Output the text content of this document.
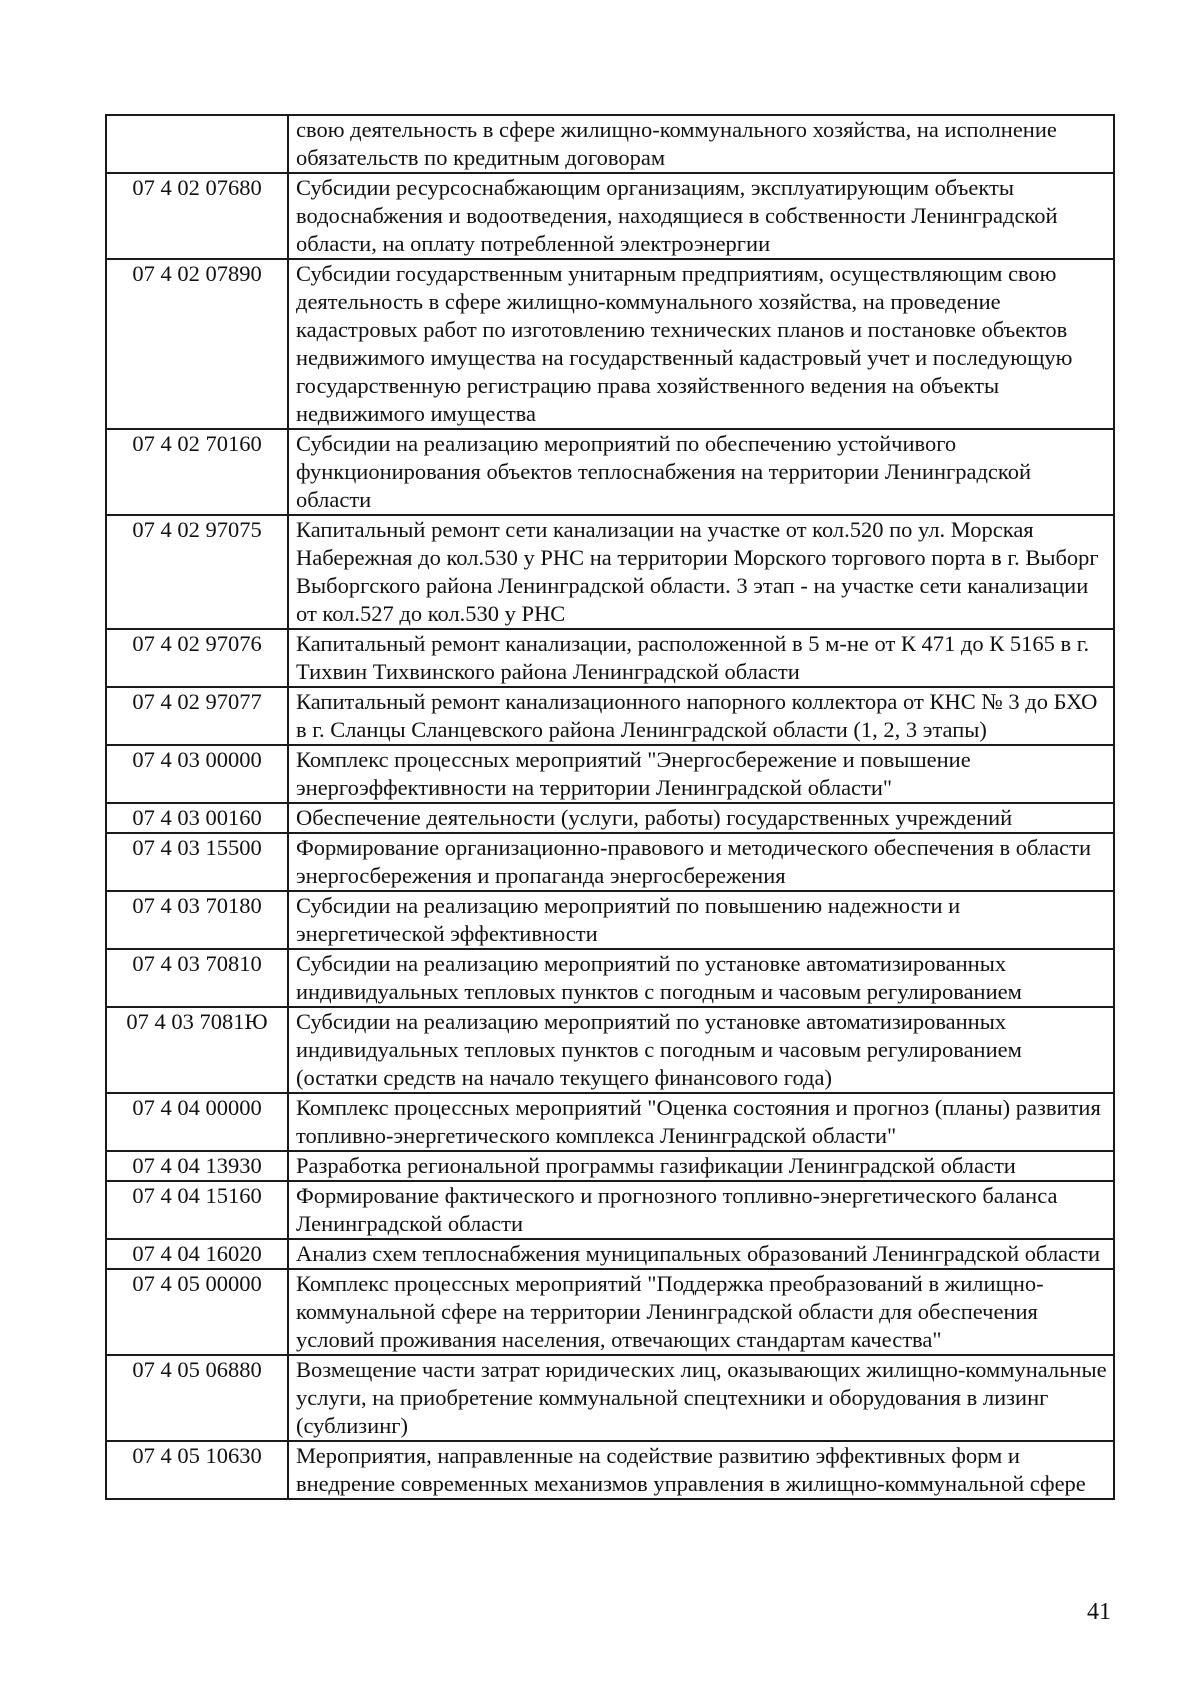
	свою деятельность в сфере жилищно-коммунального хозяйства, на исполнение обязательств по кредитным договорам
07 4 02 07680	Субсидии ресурсоснабжающим организациям, эксплуатирующим объекты водоснабжения и водоотведения, находящиеся в собственности Ленинградской области, на оплату потребленной электроэнергии
07 4 02 07890	Субсидии государственным унитарным предприятиям, осуществляющим свою деятельность в сфере жилищно-коммунального хозяйства, на проведение кадастровых работ по изготовлению технических планов и постановке объектов недвижимого имущества на государственный кадастровый учет и последующую государственную регистрацию права хозяйственного ведения на объекты недвижимого имущества
07 4 02 70160	Субсидии на реализацию мероприятий по обеспечению устойчивого функционирования объектов теплоснабжения на территории Ленинградской области
07 4 02 97075	Капитальный ремонт сети канализации на участке от кол.520 по ул. Морская Набережная до кол.530 у РНС на территории Морского торгового порта в г. Выборг Выборгского района Ленинградской области. 3 этап - на участке сети канализации от кол.527 до кол.530 у РНС
07 4 02 97076	Капитальный ремонт канализации, расположенной в 5 м-не от К 471 до К 5165 в г. Тихвин Тихвинского района Ленинградской области
07 4 02 97077	Капитальный ремонт канализационного напорного коллектора от КНС № 3 до БХО в г. Сланцы Сланцевского района Ленинградской области (1, 2, 3 этапы)
07 4 03 00000	Комплекс процессных мероприятий "Энергосбережение и повышение энергоэффективности на территории Ленинградской области"
07 4 03 00160	Обеспечение деятельности (услуги, работы) государственных учреждений
07 4 03 15500	Формирование организационно-правового и методического обеспечения в области энергосбережения и пропаганда энергосбережения
07 4 03 70180	Субсидии на реализацию мероприятий по повышению надежности и энергетической эффективности
07 4 03 70810	Субсидии на реализацию мероприятий по установке автоматизированных индивидуальных тепловых пунктов с погодным и часовым регулированием
07 4 03 7081Ю	Субсидии на реализацию мероприятий по установке автоматизированных индивидуальных тепловых пунктов с погодным и часовым регулированием (остатки средств на начало текущего финансового года)
07 4 04 00000	Комплекс процессных мероприятий "Оценка состояния и прогноз (планы) развития топливно-энергетического комплекса Ленинградской области"
07 4 04 13930	Разработка региональной программы газификации Ленинградской области
07 4 04 15160	Формирование фактического и прогнозного топливно-энергетического баланса Ленинградской области
07 4 04 16020	Анализ схем теплоснабжения муниципальных образований Ленинградской области
07 4 05 00000	Комплекс процессных мероприятий "Поддержка преобразований в жилищно-коммунальной сфере на территории Ленинградской области для обеспечения условий проживания населения, отвечающих стандартам качества"
07 4 05 06880	Возмещение части затрат юридических лиц, оказывающих жилищно-коммунальные услуги, на приобретение коммунальной спецтехники и оборудования в лизинг (сублизинг)
07 4 05 10630	Мероприятия, направленные на содействие развитию эффективных форм и внедрение современных механизмов управления в жилищно-коммунальной сфере
41
